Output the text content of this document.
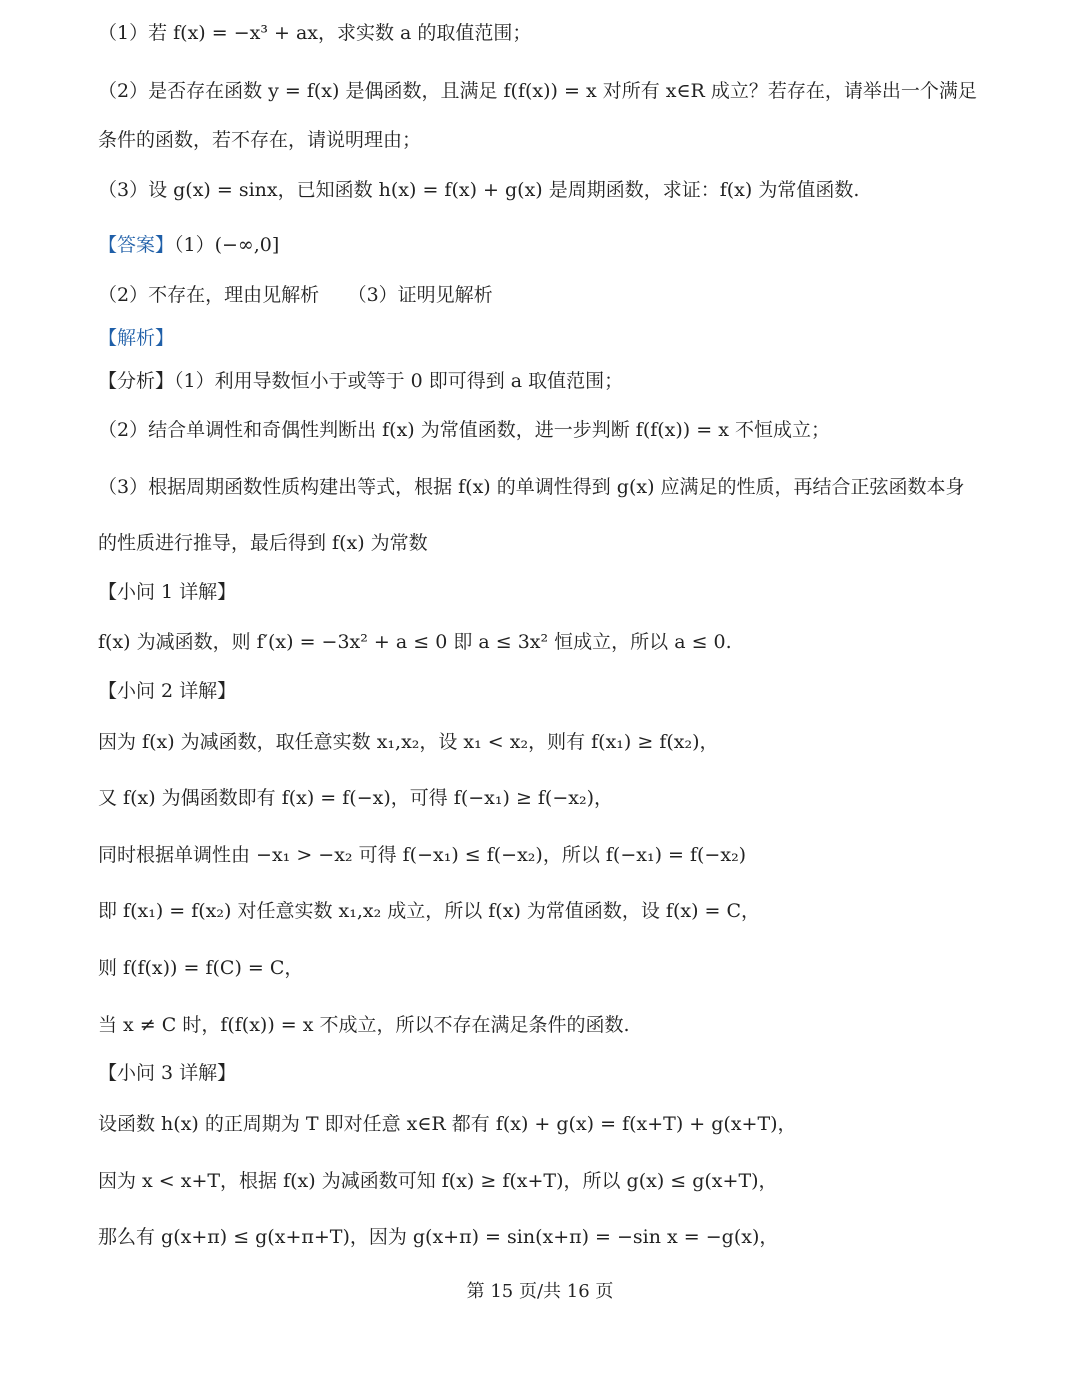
（1）若 f(x) = −x³ + ax，求实数 a 的取值范围；
（2）是否存在函数 y = f(x) 是偶函数，且满足 f(f(x)) = x 对所有 x∈R 成立？若存在，请举出一个满足
条件的函数，若不存在，请说明理由；
（3）设 g(x) = sinx，已知函数 h(x) = f(x) + g(x) 是周期函数，求证：f(x) 为常值函数.
【答案】（1）(−∞,0]
（2）不存在，理由见解析　　（3）证明见解析
【解析】
【分析】（1）利用导数恒小于或等于 0 即可得到 a 取值范围；
（2）结合单调性和奇偶性判断出 f(x) 为常值函数，进一步判断 f(f(x)) = x 不恒成立；
（3）根据周期函数性质构建出等式，根据 f(x) 的单调性得到 g(x) 应满足的性质，再结合正弦函数本身
的性质进行推导，最后得到 f(x) 为常数
【小问 1 详解】
f(x) 为减函数，则 f′(x) = −3x² + a ≤ 0 即 a ≤ 3x² 恒成立，所以 a ≤ 0.
【小问 2 详解】
因为 f(x) 为减函数，取任意实数 x₁,x₂，设 x₁ < x₂，则有 f(x₁) ≥ f(x₂)，
又 f(x) 为偶函数即有 f(x) = f(−x)，可得 f(−x₁) ≥ f(−x₂)，
同时根据单调性由 −x₁ > −x₂ 可得 f(−x₁) ≤ f(−x₂)，所以 f(−x₁) = f(−x₂)
即 f(x₁) = f(x₂) 对任意实数 x₁,x₂ 成立，所以 f(x) 为常值函数，设 f(x) = C，
则 f(f(x)) = f(C) = C，
当 x ≠ C 时，f(f(x)) = x 不成立，所以不存在满足条件的函数.
【小问 3 详解】
设函数 h(x) 的正周期为 T 即对任意 x∈R 都有 f(x) + g(x) = f(x+T) + g(x+T)，
因为 x < x+T，根据 f(x) 为减函数可知 f(x) ≥ f(x+T)，所以 g(x) ≤ g(x+T)，
那么有 g(x+π) ≤ g(x+π+T)，因为 g(x+π) = sin(x+π) = −sin x = −g(x)，
第 15 页/共 16 页
